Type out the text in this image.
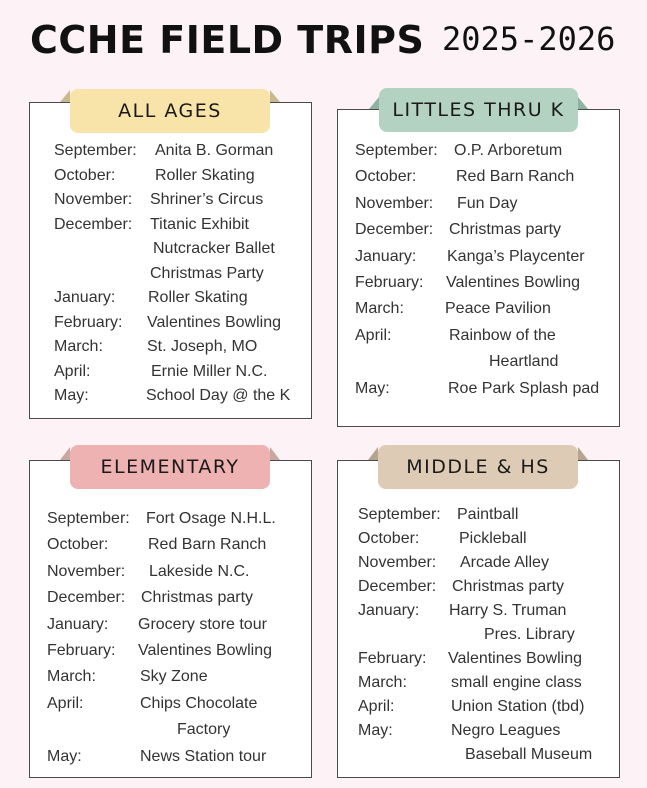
CCHE FIELD TRIPS 2025-2026
ALL AGES
September: Anita B. Gorman
October: Roller Skating
November: Shriner’s Circus
December: Titanic Exhibit
Nutcracker Ballet
Christmas Party
January: Roller Skating
February: Valentines Bowling
March:	St. Joseph, MO
April:	Ernie Miller N.C.
May:	School Day @ the K
LITTLES THRU K
September: O.P. Arboretum
October: Red Barn Ranch
November: Fun Day
December: Christmas party
January: Kanga’s Playcenter
February: Valentines Bowling
March:	Peace Pavilion
April:	Rainbow of the
Heartland
May:	Roe Park Splash pad
ELEMENTARY
September: Fort Osage N.H.L.
October: Red Barn Ranch
November: Lakeside N.C.
December: Christmas party
January: Grocery store tour
February: Valentines Bowling
March:	Sky Zone
April:	Chips Chocolate
Factory
May:	News Station tour
MIDDLE & HS
September: Paintball
October: Pickleball
November: Arcade Alley
December: Christmas party
January: Harry S. Truman
Pres. Library
February: Valentines Bowling
March:	small engine class
April:	Union Station (tbd)
May:	Negro Leagues
Baseball Museum
